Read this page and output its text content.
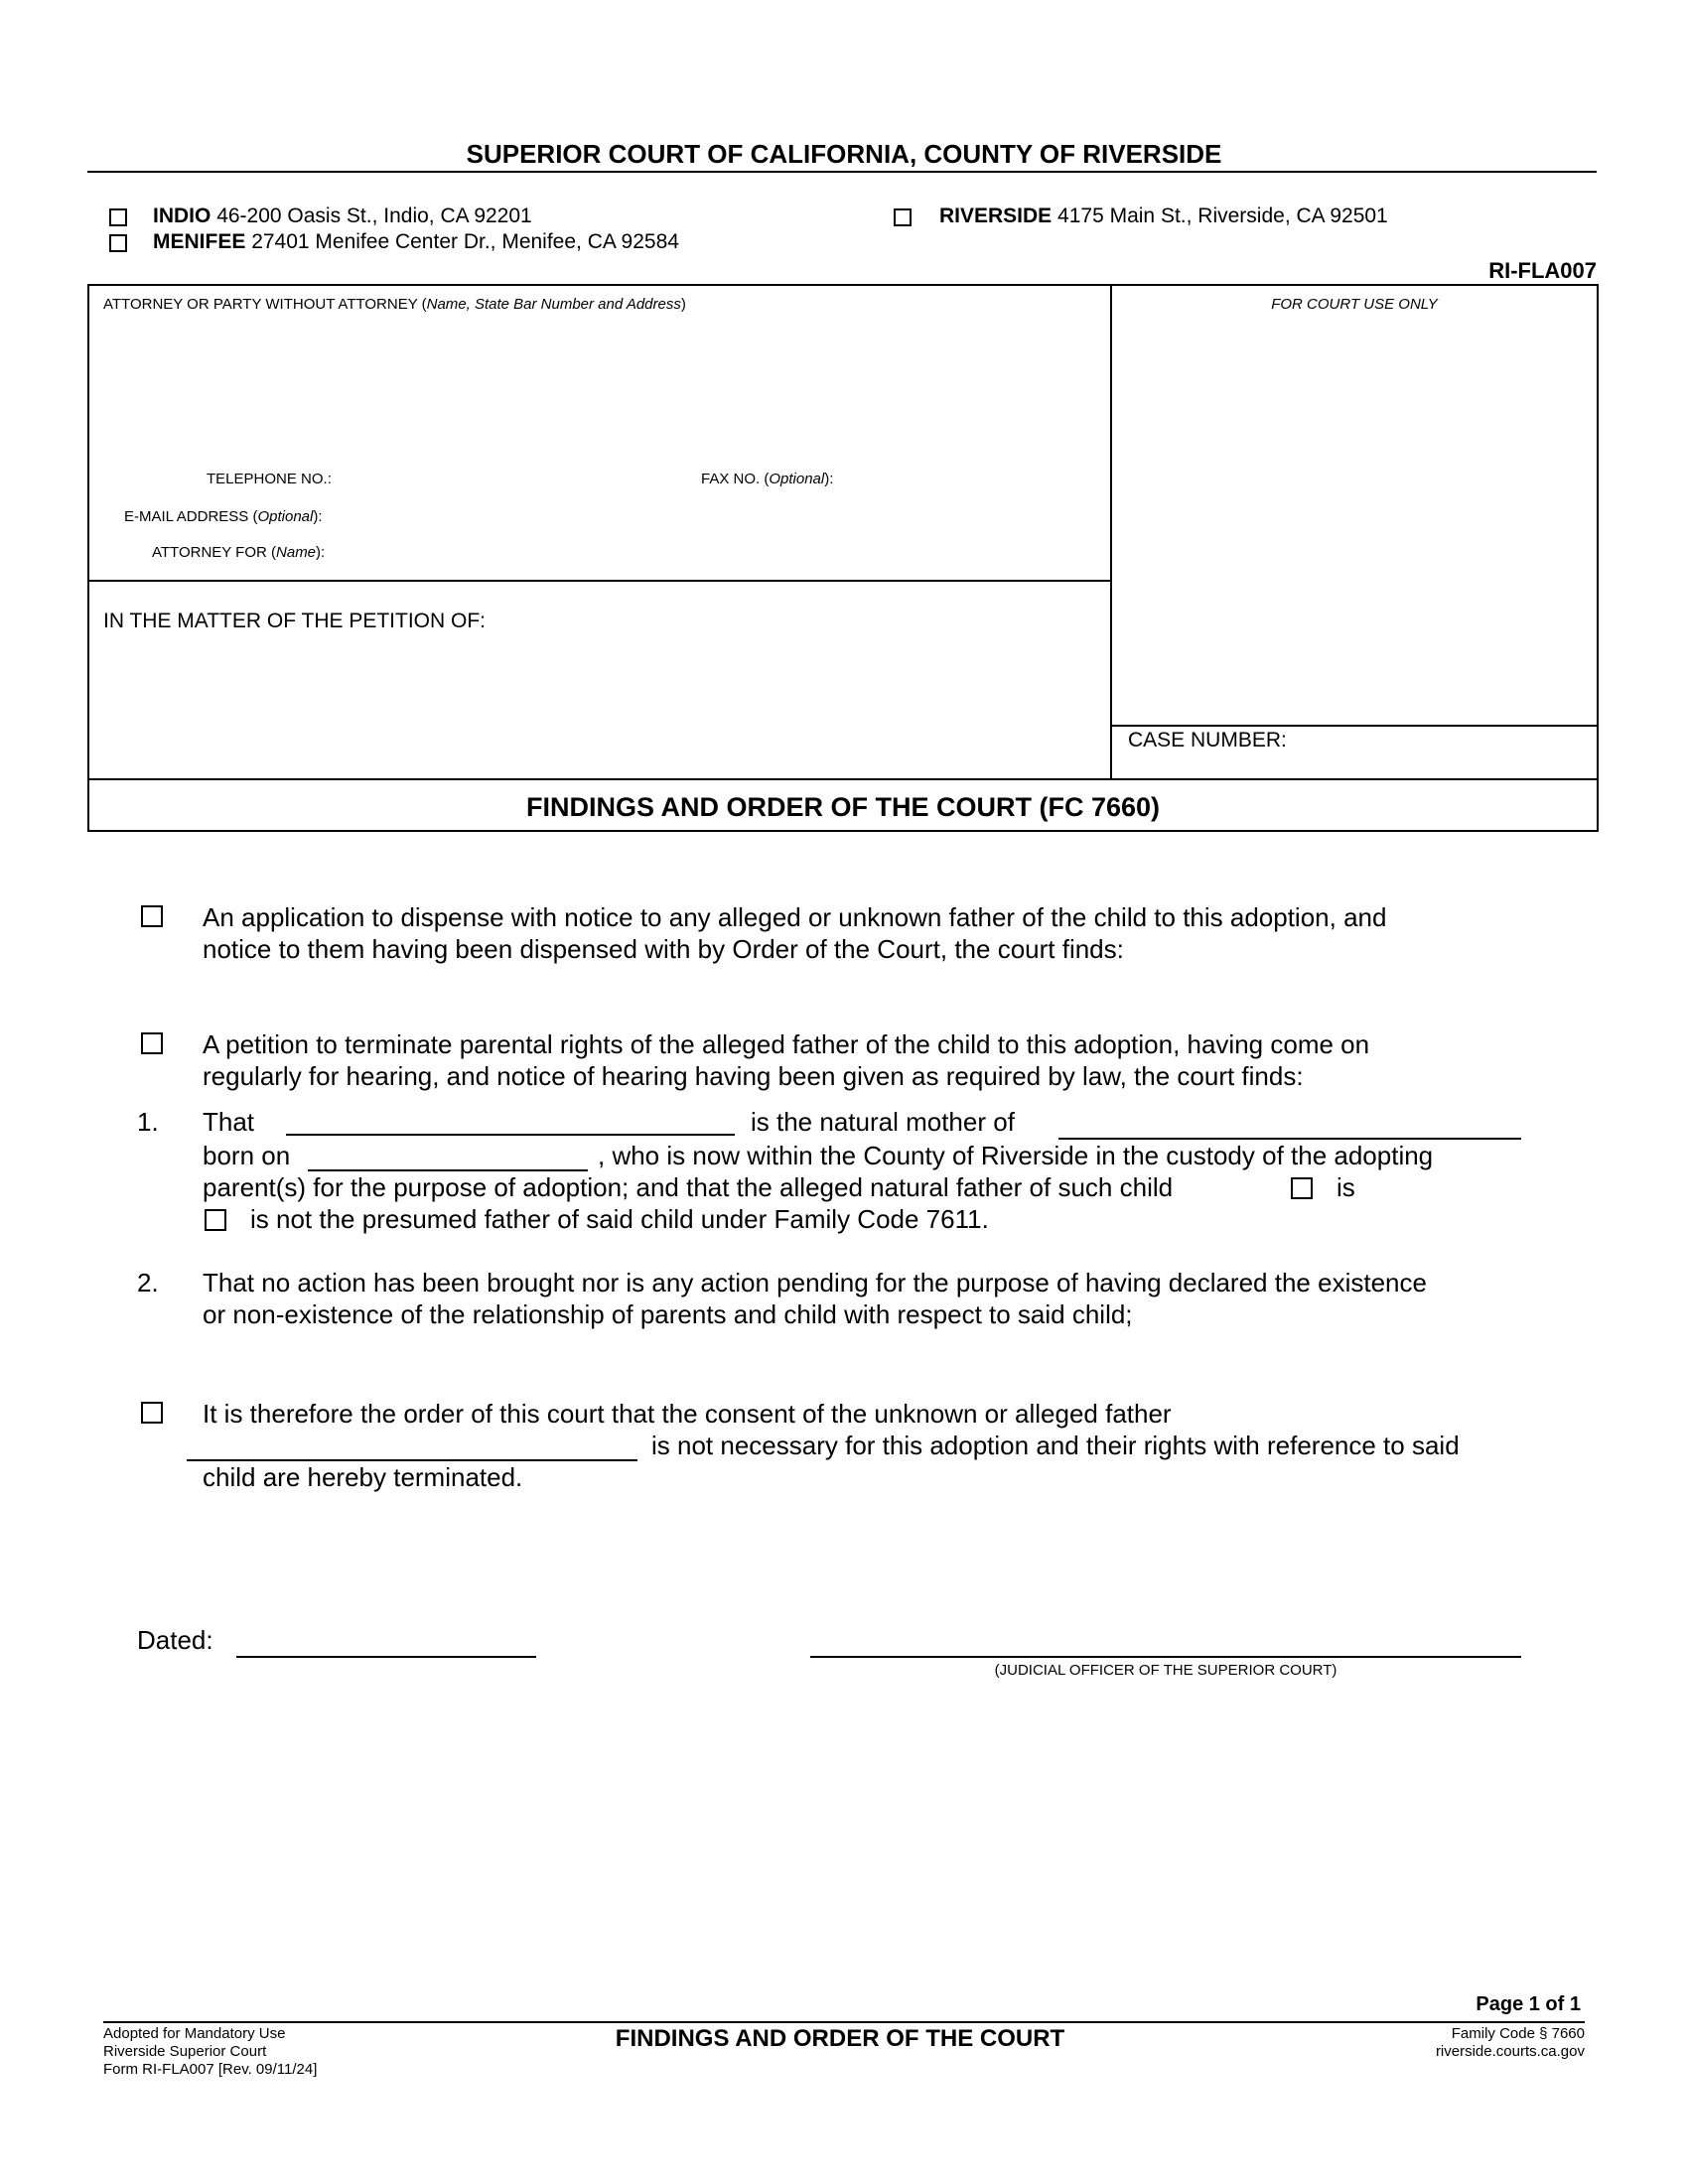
SUPERIOR COURT OF CALIFORNIA, COUNTY OF RIVERSIDE
INDIO 46-200 Oasis St., Indio, CA 92201
MENIFEE 27401 Menifee Center Dr., Menifee, CA 92584
RIVERSIDE 4175 Main St., Riverside, CA 92501
RI-FLA007
ATTORNEY OR PARTY WITHOUT ATTORNEY (Name, State Bar Number and Address)	FOR COURT USE ONLY
TELEPHONE NO.:	FAX NO. (Optional):
E-MAIL ADDRESS (Optional):
ATTORNEY FOR (Name):
IN THE MATTER OF THE PETITION OF:
CASE NUMBER:
FINDINGS AND ORDER OF THE COURT (FC 7660)
An application to dispense with notice to any alleged or unknown father of the child to this adoption, and
notice to them having been dispensed with by Order of the Court, the court finds:
A petition to terminate parental rights of the alleged father of the child to this adoption, having come on
regularly for hearing, and notice of hearing having been given as required by law, the court finds:
1. That	is the natural mother of
born on	, who is now within the County of Riverside in the custody of the adopting
parent(s) for the purpose of adoption; and that the alleged natural father of such child	is
is not the presumed father of said child under Family Code 7611.
2. That no action has been brought nor is any action pending for the purpose of having declared the existence
or non-existence of the relationship of parents and child with respect to said child;
It is therefore the order of this court that the consent of the unknown or alleged father
is not necessary for this adoption and their rights with reference to said
child are hereby terminated.
Dated:
(JUDICIAL OFFICER OF THE SUPERIOR COURT)
Page 1 of 1
Adopted for Mandatory Use
Riverside Superior Court
Form RI-FLA007 [Rev. 09/11/24]
FINDINGS AND ORDER OF THE COURT	Family Code § 7660
riverside.courts.ca.gov
